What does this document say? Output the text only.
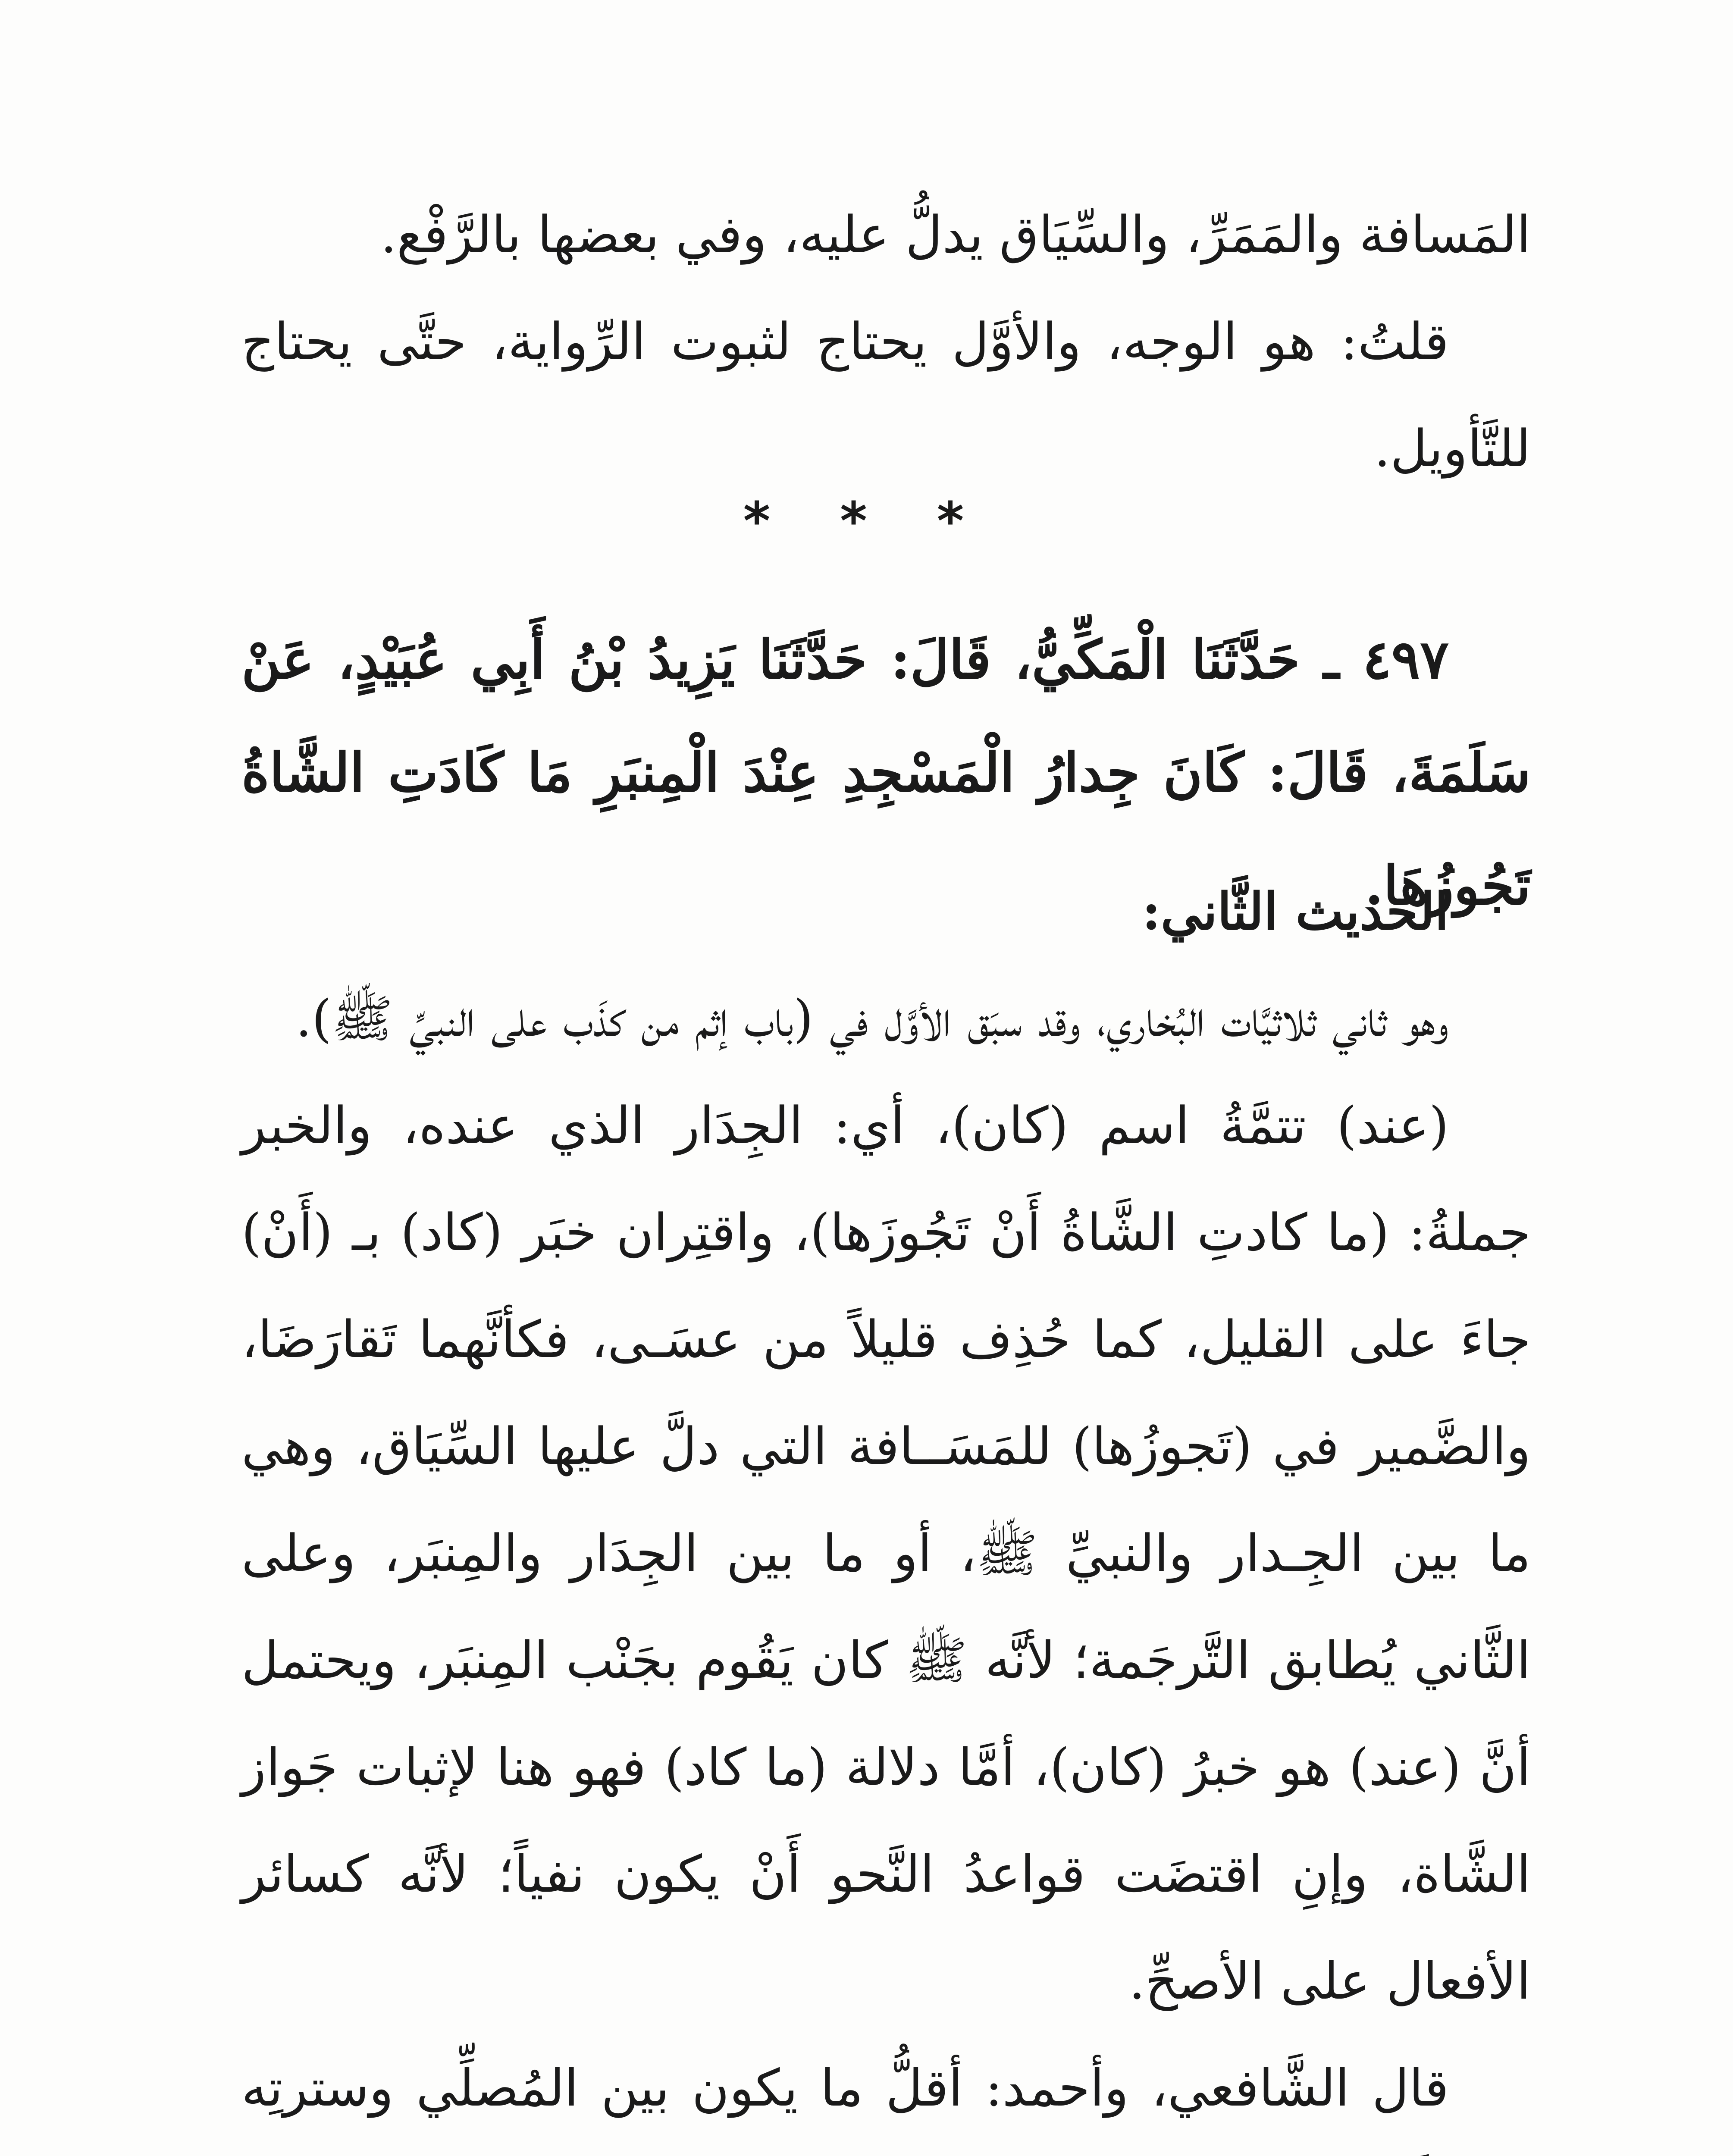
المَسافة والمَمَرِّ، والسِّيَاق يدلُّ عليه، وفي بعضها بالرَّفْع.

قلتُ: هو الوجه، والأوَّل يحتاج لثبوت الرِّواية، حتَّى يحتاج للتَّأويل.

* * *

٤٩٧ ـ حَدَّثَنَا الْمَكِّيُّ، قَالَ: حَدَّثَنَا يَزِيدُ بْنُ أَبِي عُبَيْدٍ، عَنْ سَلَمَةَ، قَالَ: كَانَ جِدارُ الْمَسْجِدِ عِنْدَ الْمِنبَرِ مَا كَادَتِ الشَّاةُ تَجُوزُهَا.

الحديث الثَّاني:

وهو ثاني ثلاثيَّات البُخاري، وقد سبَق الأوَّل في (باب إثم من كذَب على النبيِّ ﷺ).

(عند) تتمَّةُ اسم (كان)، أي: الجِدَار الذي عنده، والخبر جملةُ: (ما كادتِ الشَّاةُ أَنْ تَجُوزَها)، واقتِران خبَر (كاد) بـ (أَنْ) جاءَ على القليل، كما حُذِف قليلاً من عسَـى، فكأنَّهما تَقارَضَا، والضَّمير في (تَجوزُها) للمَسَــافة التي دلَّ عليها السِّيَاق، وهي ما بين الجِـدار والنبيِّ ﷺ، أو ما بين الجِدَار والمِنبَر، وعلى الثَّاني يُطابق التَّرجَمة؛ لأنَّه ﷺ كان يَقُوم بجَنْب المِنبَر، ويحتمل أنَّ (عند) هو خبرُ (كان)، أمَّا دلالة (ما كاد) فهو هنا لإثبات جَواز الشَّاة، وإنِ اقتضَت قواعدُ النَّحو أَنْ يكون نفياً؛ لأنَّه كسائر الأفعال على الأصحِّ.

قال الشَّافعي، وأحمد: أقلُّ ما يكون بين المُصلِّي وسترتِه
